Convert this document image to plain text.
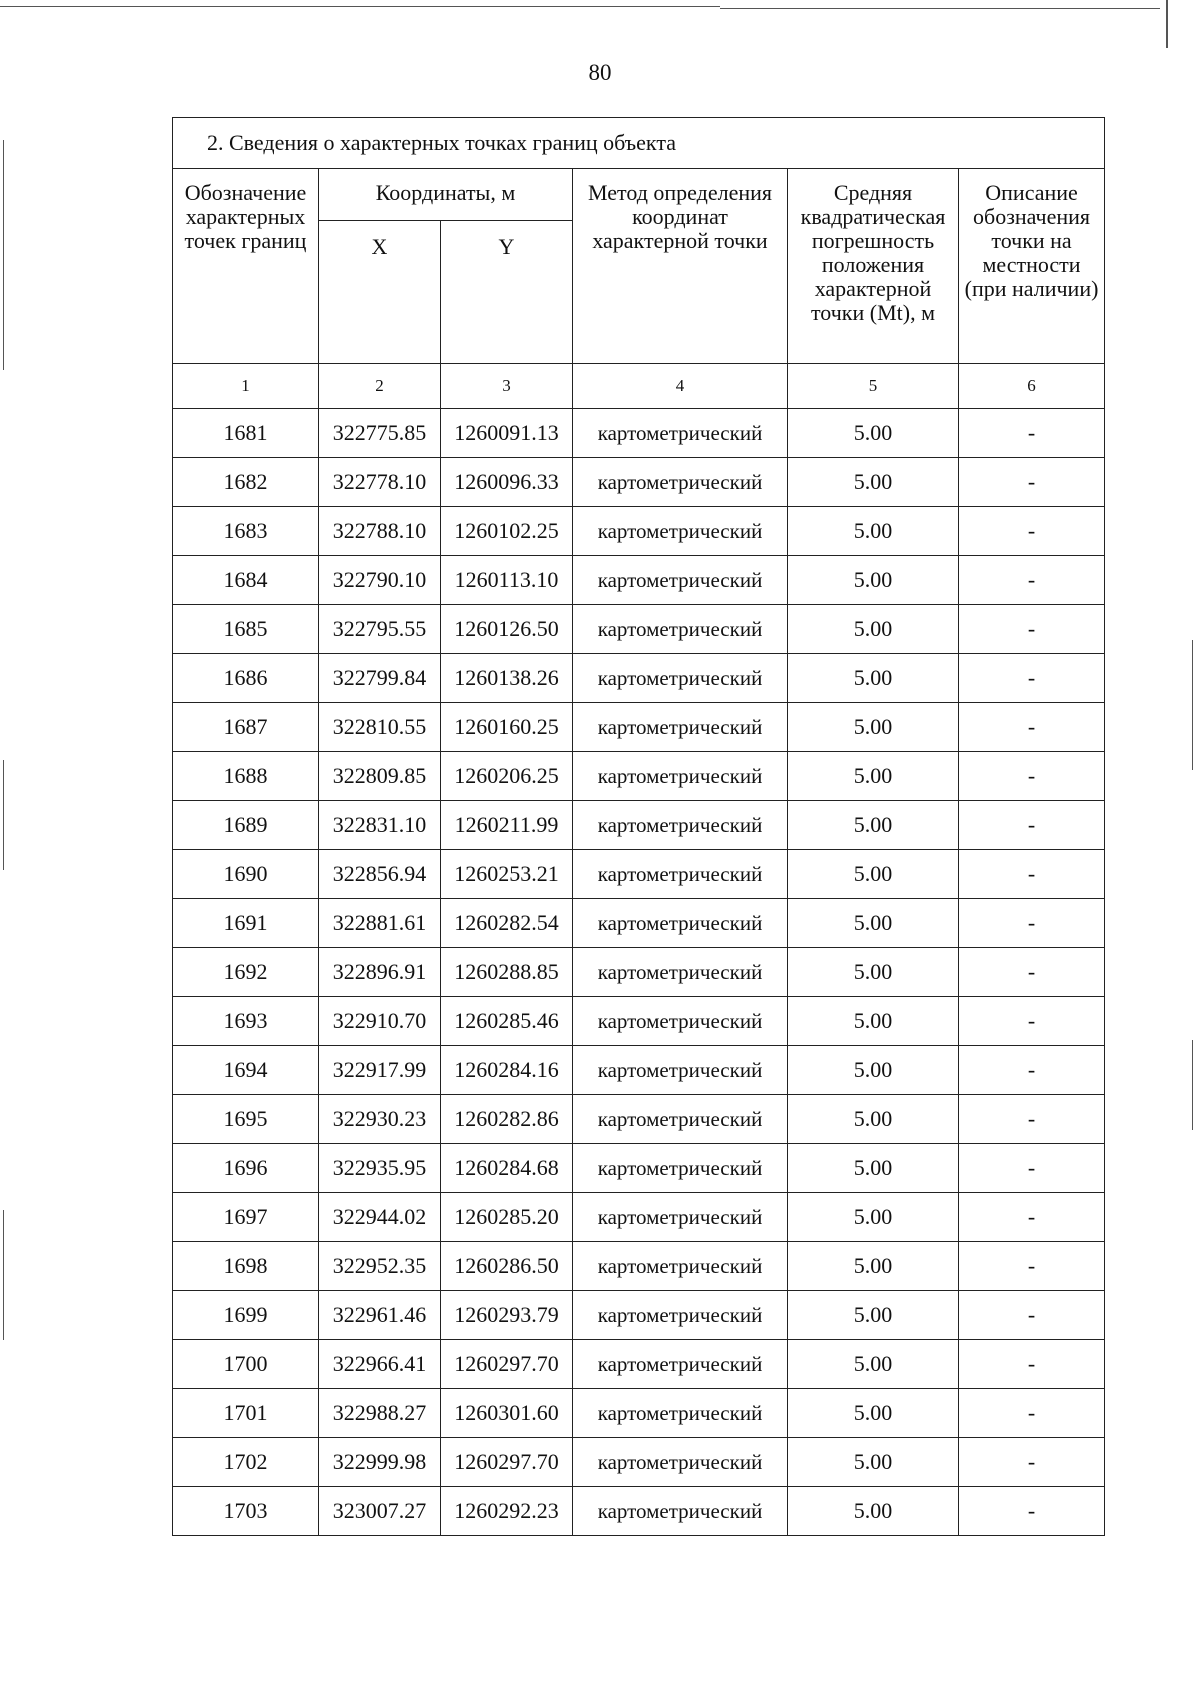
80
2. Сведения о характерных точках границ объекта					
Обозначение характерных точек границ	Координаты, м		Метод определения координат характерной точки	Средняя квадратическая погрешность положения характерной точки (Mt), м	Описание обозначения точки на местности (при наличии)
	X	Y			
1	2	3	4	5	6
1681	322775.85	1260091.13	картометрический	5.00	-
1682	322778.10	1260096.33	картометрический	5.00	-
1683	322788.10	1260102.25	картометрический	5.00	-
1684	322790.10	1260113.10	картометрический	5.00	-
1685	322795.55	1260126.50	картометрический	5.00	-
1686	322799.84	1260138.26	картометрический	5.00	-
1687	322810.55	1260160.25	картометрический	5.00	-
1688	322809.85	1260206.25	картометрический	5.00	-
1689	322831.10	1260211.99	картометрический	5.00	-
1690	322856.94	1260253.21	картометрический	5.00	-
1691	322881.61	1260282.54	картометрический	5.00	-
1692	322896.91	1260288.85	картометрический	5.00	-
1693	322910.70	1260285.46	картометрический	5.00	-
1694	322917.99	1260284.16	картометрический	5.00	-
1695	322930.23	1260282.86	картометрический	5.00	-
1696	322935.95	1260284.68	картометрический	5.00	-
1697	322944.02	1260285.20	картометрический	5.00	-
1698	322952.35	1260286.50	картометрический	5.00	-
1699	322961.46	1260293.79	картометрический	5.00	-
1700	322966.41	1260297.70	картометрический	5.00	-
1701	322988.27	1260301.60	картометрический	5.00	-
1702	322999.98	1260297.70	картометрический	5.00	-
1703	323007.27	1260292.23	картометрический	5.00	-
